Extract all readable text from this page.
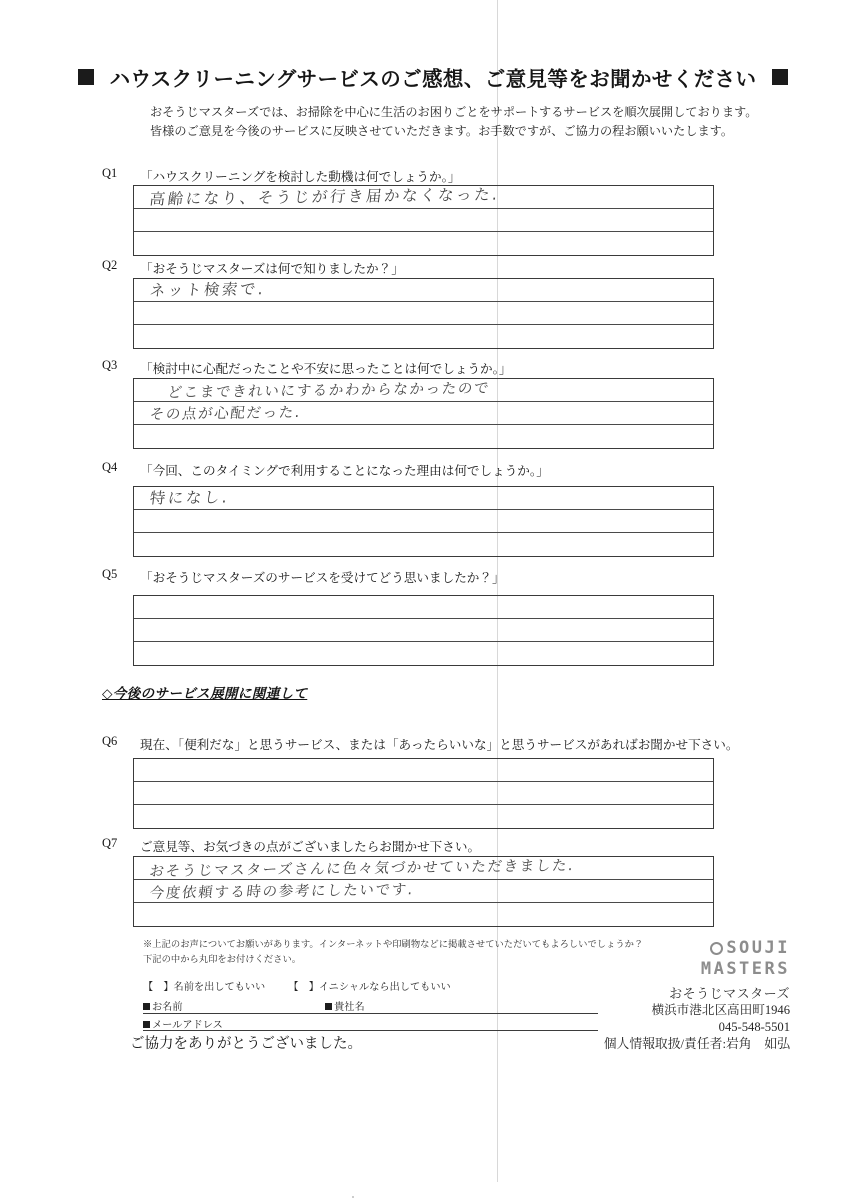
ハウスクリーニングサービスのご感想、ご意見等をお聞かせください
おそうじマスターズでは、お掃除を中心に生活のお困りごとをサポートするサービスを順次展開しております。
皆様のご意見を今後のサービスに反映させていただきます。お手数ですが、ご協力の程お願いいたします。
Q1	「ハウスクリーニングを検討した動機は何でしょうか。」
高齢になり、そうじが行き届かなくなった.
Q2	「おそうじマスターズは何で知りましたか？」
ネット検索で.
Q3	「検討中に心配だったことや不安に思ったことは何でしょうか。」
どこまできれいにするかわからなかったので
その点が心配だった.
Q4	「今回、このタイミングで利用することになった理由は何でしょうか。」
特になし.
Q5	「おそうじマスターズのサービスを受けてどう思いましたか？」
◇今後のサービス展開に関連して
Q6	現在、「便利だな」と思うサービス、または「あったらいいな」と思うサービスがあればお聞かせ下さい。
Q7	ご意見等、お気づきの点がございましたらお聞かせ下さい。
おそうじマスターズさんに色々気づかせていただきました.
今度依頼する時の参考にしたいです.
※上記のお声についてお願いがあります。インターネットや印刷物などに掲載させていただいてもよろしいでしょうか？
下記の中から丸印をお付けください。
【　】名前を出してもいい 【　】イニシャルなら出してもいい
お名前	貴社名
メールアドレス
ご協力をありがとうございました。
SOUJI
MASTERS
おそうじマスターズ
横浜市港北区高田町1946
045-548-5501
個人情報取扱/責任者:岩角　如弘
